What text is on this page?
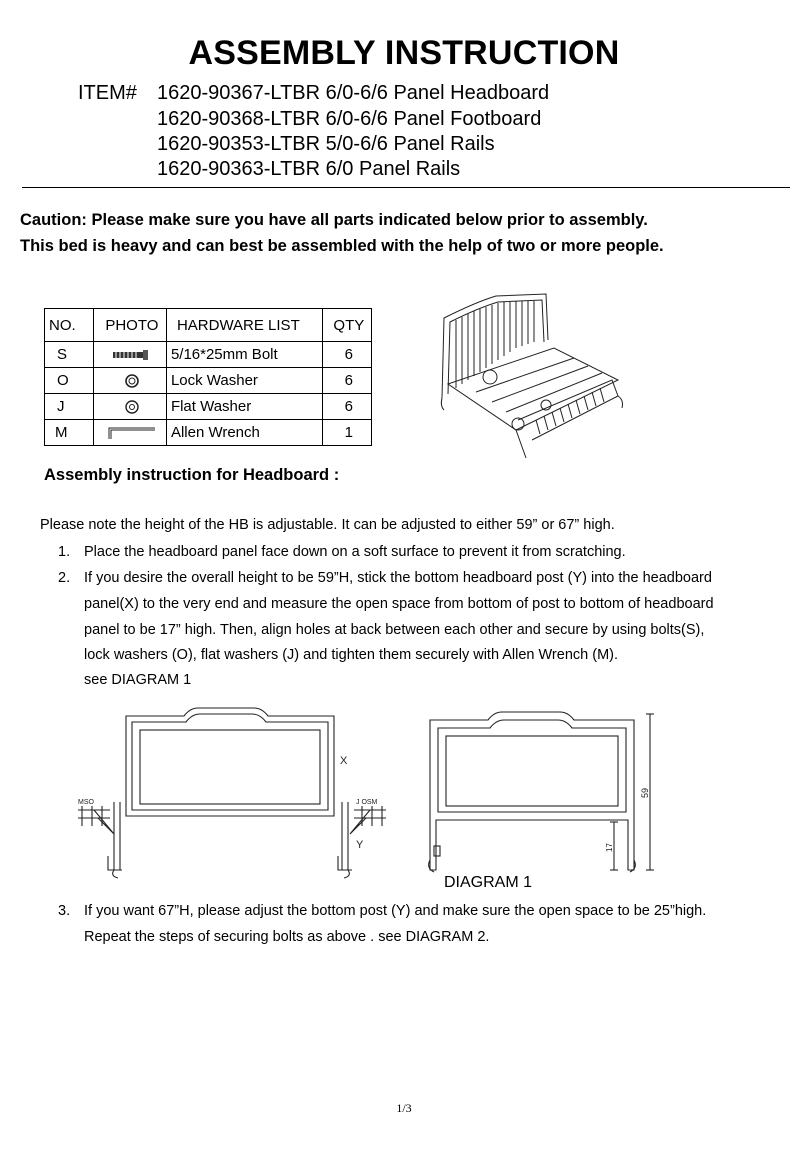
ASSEMBLY INSTRUCTION
ITEM# 1620-90367-LTBR 6/0-6/6 Panel Headboard
1620-90368-LTBR 6/0-6/6 Panel Footboard
1620-90353-LTBR 5/0-6/6 Panel Rails
1620-90363-LTBR 6/0 Panel Rails
Caution: Please make sure you have all parts indicated below prior to assembly.
This bed is heavy and can best be assembled with the help of two or more people.
NO.	PHOTO	HARDWARE LIST	QTY
S		5/16*25mm Bolt	6
O		Lock Washer	6
J		Flat Washer	6
M		Allen Wrench	1
Assembly instruction for Headboard :
Please note the height of the HB is adjustable. It can be adjusted to either 59” or 67” high.
1. Place the headboard panel face down on a soft surface to prevent it from scratching.
2. If you desire the overall height to be 59”H, stick the bottom headboard post (Y) into the headboard
panel(X) to the very end and measure the open space from bottom of post to bottom of headboard
panel to be 17” high. Then, align holes at back between each other and secure by using bolts(S),
lock washers (O), flat washers (J) and tighten them securely with Allen Wrench (M).
see DIAGRAM 1
X
Y
MSO	J OSM
59
17
DIAGRAM 1
3. If you want 67”H, please adjust the bottom post (Y) and make sure the open space to be 25”high.
Repeat the steps of securing bolts as above . see DIAGRAM 2.
1/3
